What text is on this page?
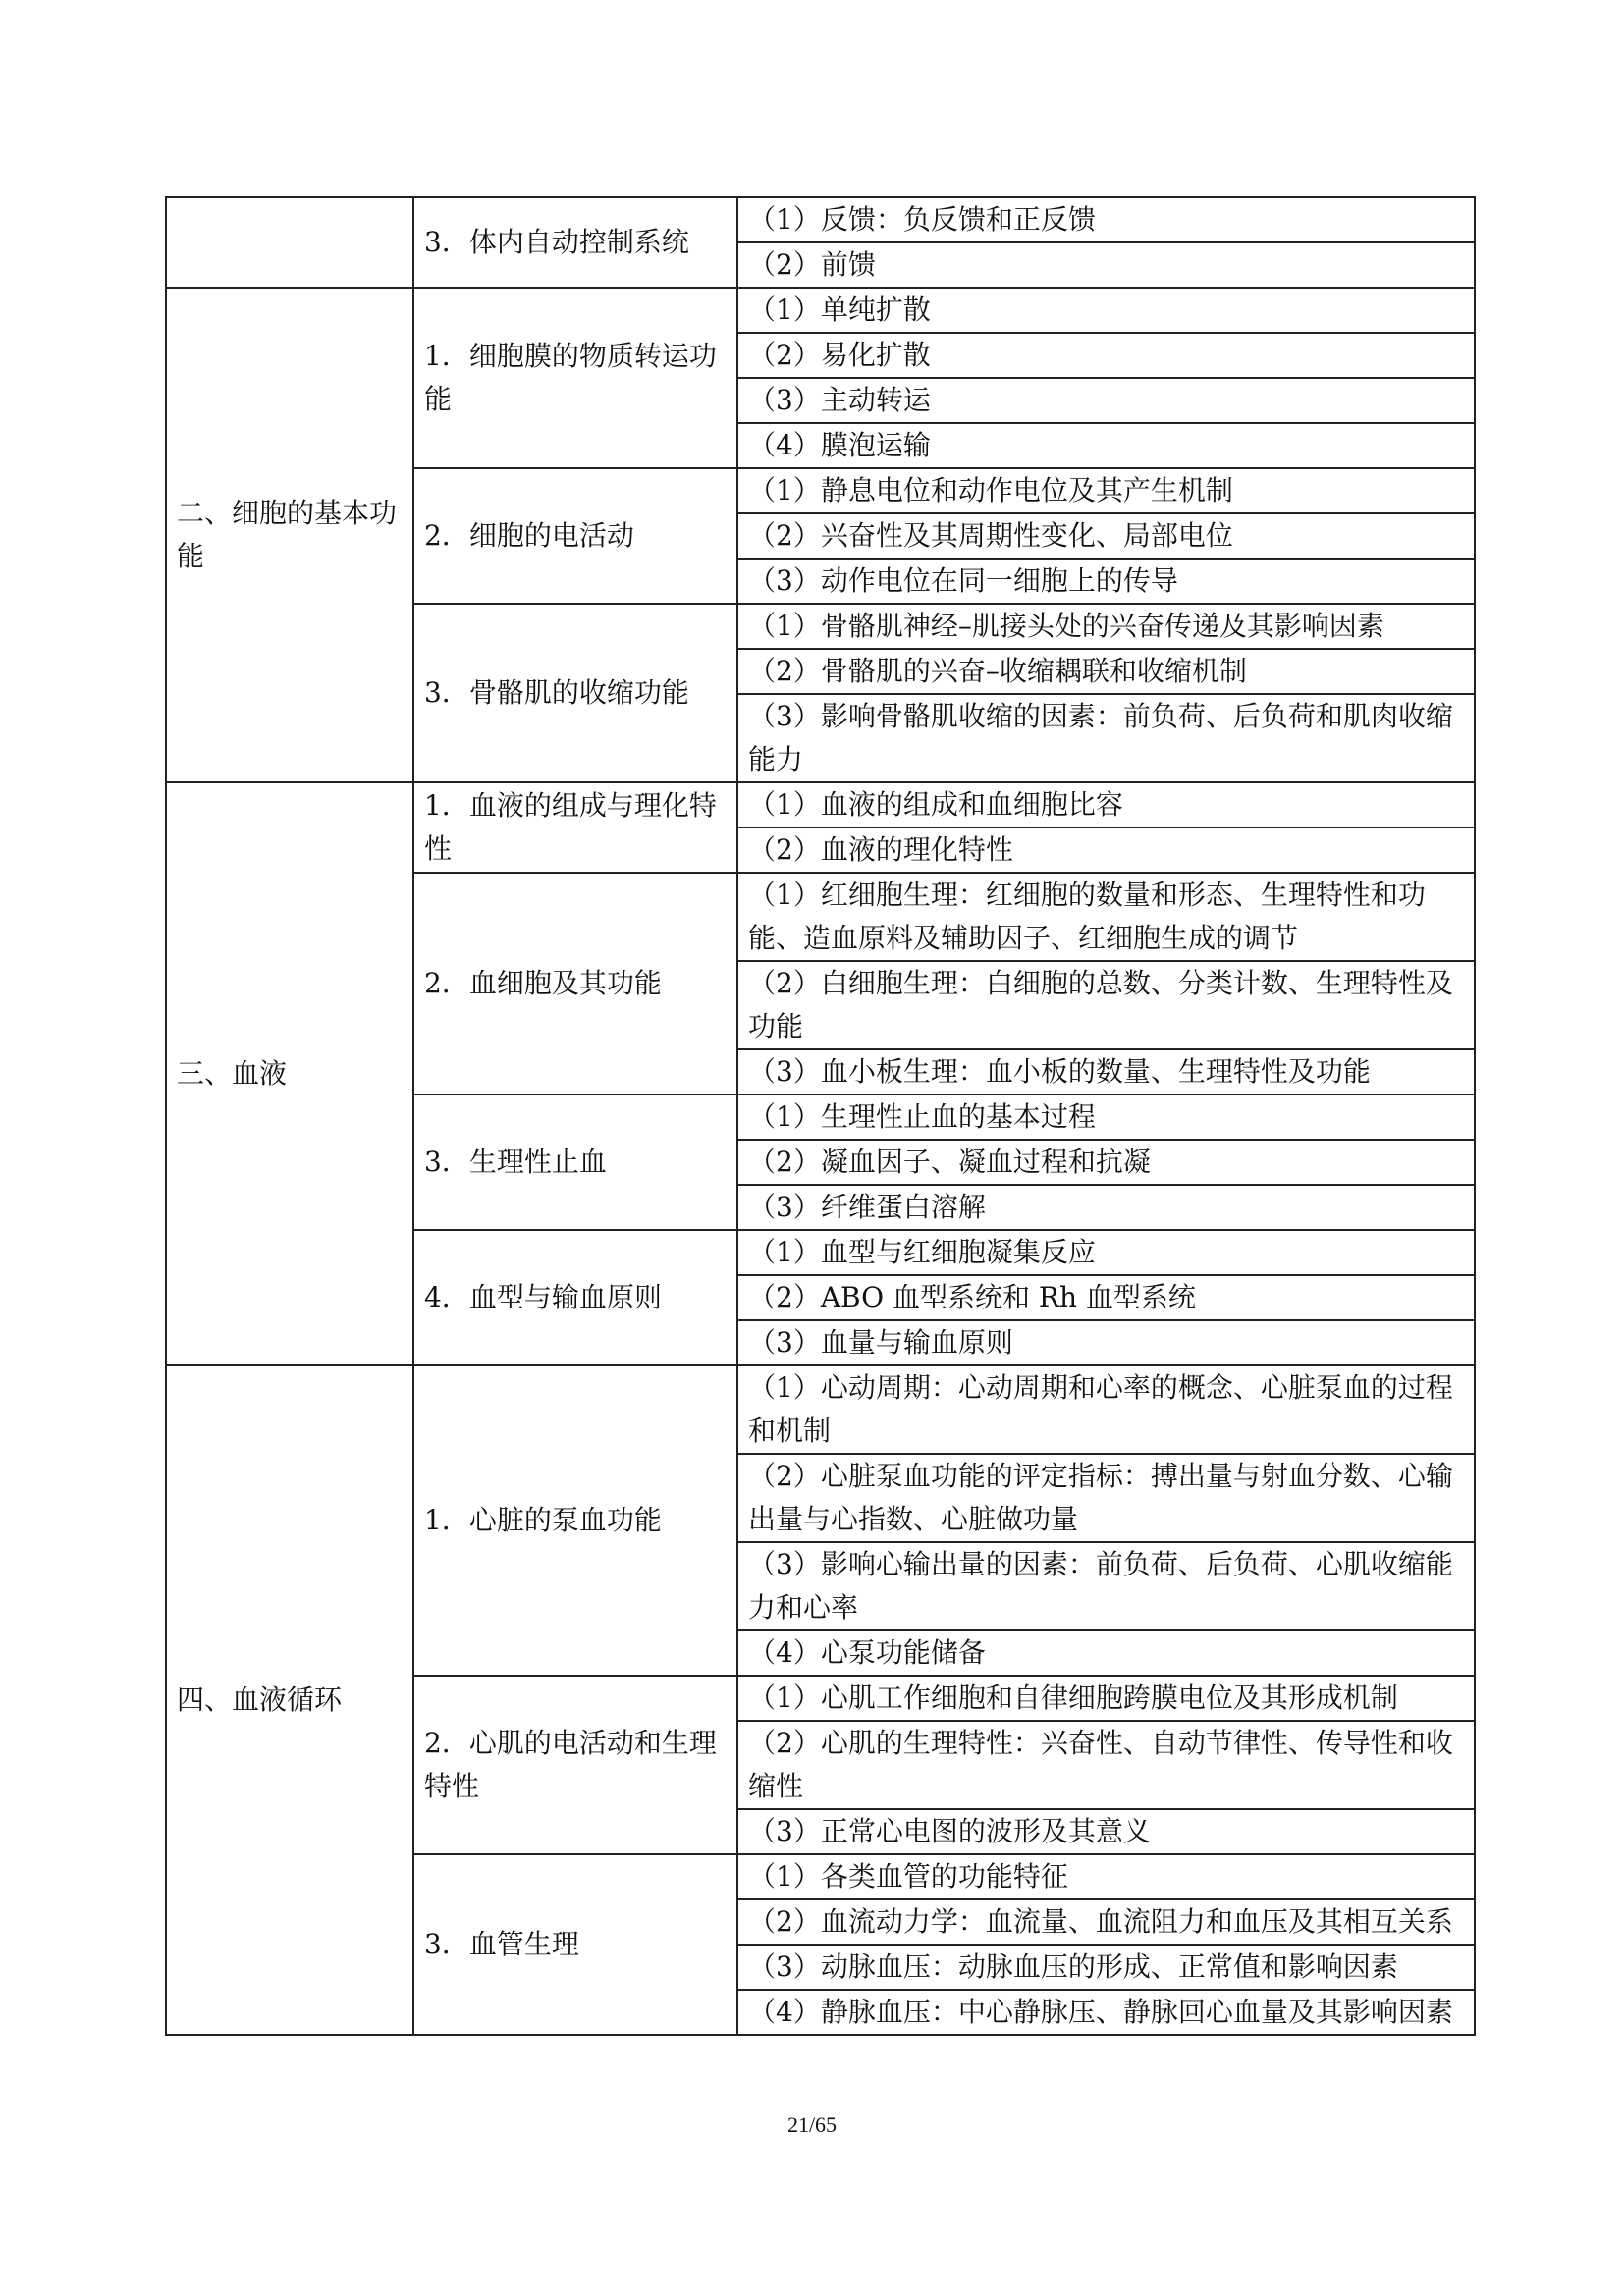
	3．体内自动控制系统	（1）反馈：负反馈和正反馈
		（2）前馈
二、细胞的基本功能	1．细胞膜的物质转运功能	（1）单纯扩散
		（2）易化扩散
		（3）主动转运
		（4）膜泡运输
	2．细胞的电活动	（1）静息电位和动作电位及其产生机制
		（2）兴奋性及其周期性变化、局部电位
		（3）动作电位在同一细胞上的传导
	3．骨骼肌的收缩功能	（1）骨骼肌神经–肌接头处的兴奋传递及其影响因素
		（2）骨骼肌的兴奋–收缩耦联和收缩机制
		（3）影响骨骼肌收缩的因素：前负荷、后负荷和肌肉收缩能力
三、血液	1．血液的组成与理化特性	（1）血液的组成和血细胞比容
		（2）血液的理化特性
	2．血细胞及其功能	（1）红细胞生理：红细胞的数量和形态、生理特性和功能、造血原料及辅助因子、红细胞生成的调节
		（2）白细胞生理：白细胞的总数、分类计数、生理特性及功能
		（3）血小板生理：血小板的数量、生理特性及功能
	3．生理性止血	（1）生理性止血的基本过程
		（2）凝血因子、凝血过程和抗凝
		（3）纤维蛋白溶解
	4．血型与输血原则	（1）血型与红细胞凝集反应
		（2）ABO 血型系统和 Rh 血型系统
		（3）血量与输血原则
四、血液循环	1．心脏的泵血功能	（1）心动周期：心动周期和心率的概念、心脏泵血的过程和机制
		（2）心脏泵血功能的评定指标：搏出量与射血分数、心输出量与心指数、心脏做功量
		（3）影响心输出量的因素：前负荷、后负荷、心肌收缩能力和心率
		（4）心泵功能储备
	2．心肌的电活动和生理特性	（1）心肌工作细胞和自律细胞跨膜电位及其形成机制
		（2）心肌的生理特性：兴奋性、自动节律性、传导性和收缩性
		（3）正常心电图的波形及其意义
	3．血管生理	（1）各类血管的功能特征
		（2）血流动力学：血流量、血流阻力和血压及其相互关系
		（3）动脉血压：动脉血压的形成、正常值和影响因素
		（4）静脉血压：中心静脉压、静脉回心血量及其影响因素
21/65
